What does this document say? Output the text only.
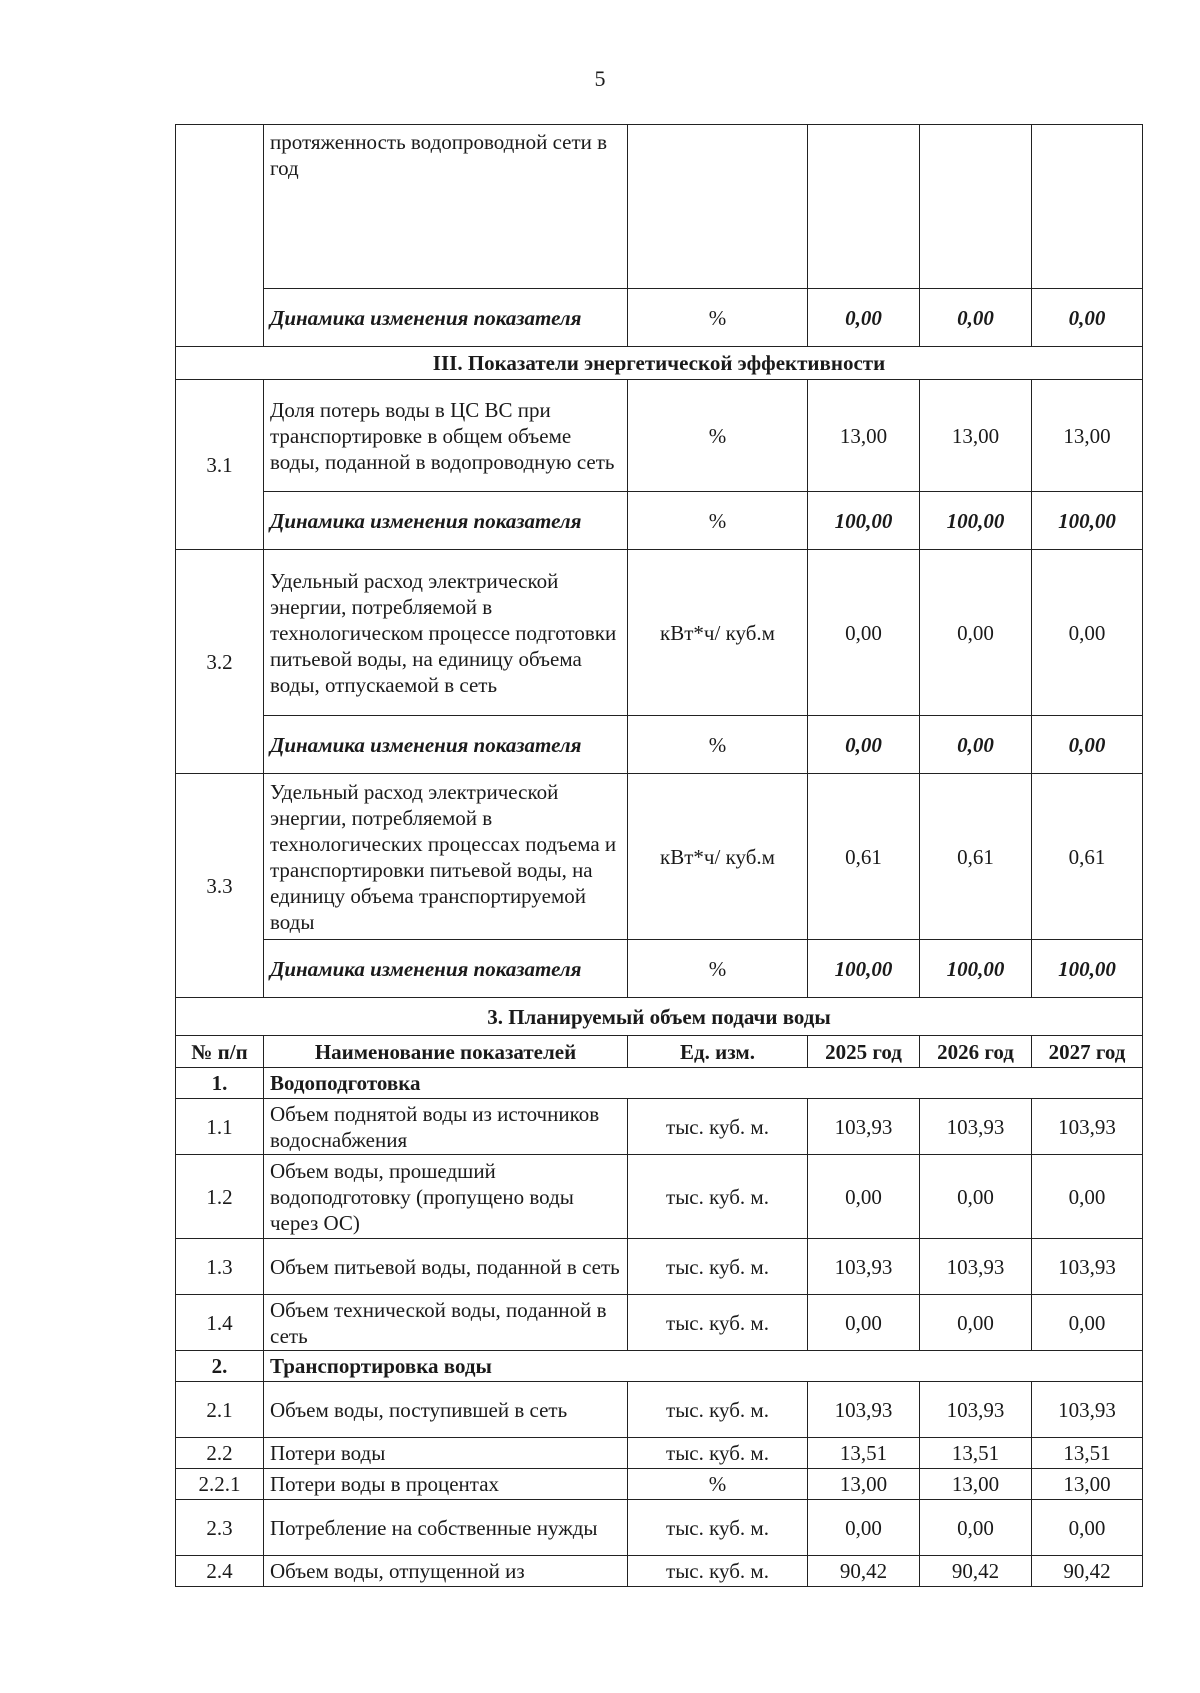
5
	протяженность водопроводной сети в год				
	Динамика изменения показателя	%	0,00	0,00	0,00
III. Показатели энергетической эффективности					
3.1	Доля потерь воды в ЦС ВС при транспортировке в общем объеме воды, поданной в водопроводную сеть	%	13,00	13,00	13,00
	Динамика изменения показателя	%	100,00	100,00	100,00
3.2	Удельный расход электрической энергии, потребляемой в технологическом процессе подготовки питьевой воды, на единицу объема воды, отпускаемой в сеть	кВт*ч/ куб.м	0,00	0,00	0,00
	Динамика изменения показателя	%	0,00	0,00	0,00
3.3	Удельный расход электрической энергии, потребляемой в технологических процессах подъема и транспортировки питьевой воды, на единицу объема транспортируемой воды	кВт*ч/ куб.м	0,61	0,61	0,61
	Динамика изменения показателя	%	100,00	100,00	100,00
3. Планируемый объем подачи воды					
№ п/п	Наименование показателей	Ед. изм.	2025 год	2026 год	2027 год
1.	Водоподготовка				
1.1	Объем поднятой воды из источников водоснабжения	тыс. куб. м.	103,93	103,93	103,93
1.2	Объем воды, прошедший водоподготовку (пропущено воды через ОС)	тыс. куб. м.	0,00	0,00	0,00
1.3	Объем питьевой воды, поданной в сеть	тыс. куб. м.	103,93	103,93	103,93
1.4	Объем технической воды, поданной в сеть	тыс. куб. м.	0,00	0,00	0,00
2.	Транспортировка воды				
2.1	Объем воды, поступившей в сеть	тыс. куб. м.	103,93	103,93	103,93
2.2	Потери воды	тыс. куб. м.	13,51	13,51	13,51
2.2.1	Потери воды в процентах	%	13,00	13,00	13,00
2.3	Потребление на собственные нужды	тыс. куб. м.	0,00	0,00	0,00
2.4	Объем воды, отпущенной из	тыс. куб. м.	90,42	90,42	90,42
